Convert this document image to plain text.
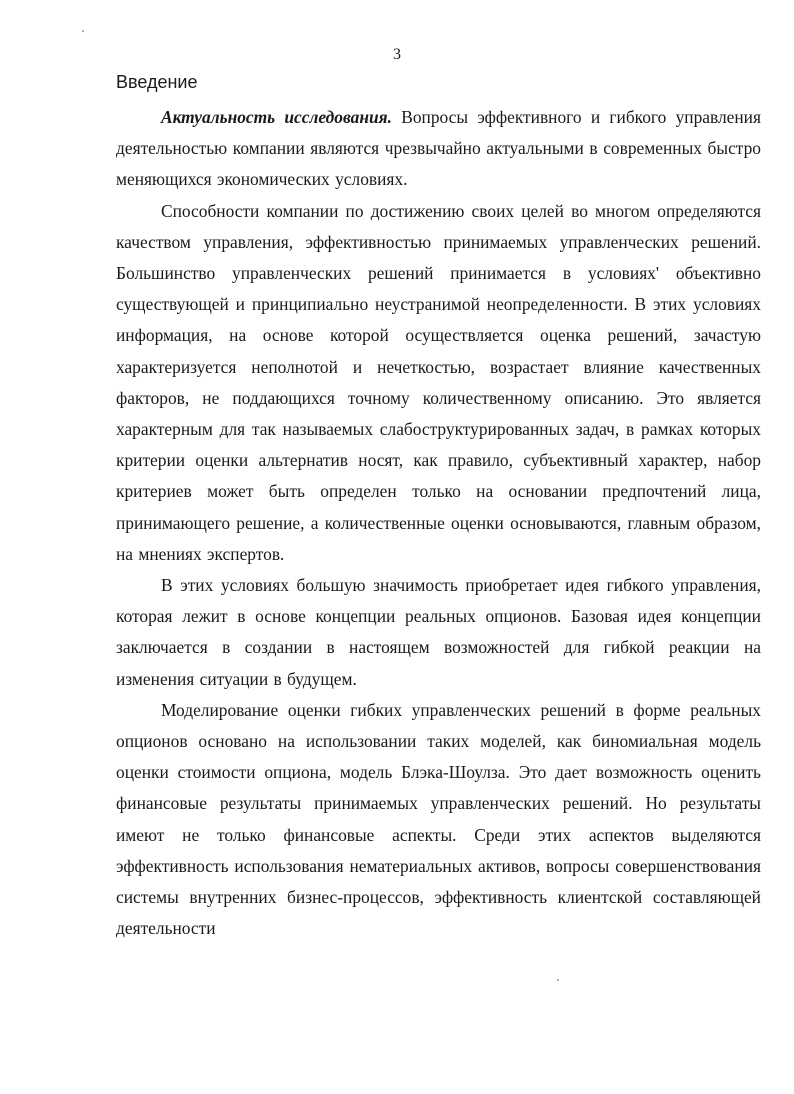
3
Введение

Актуальность исследования. Вопросы эффективного и гибкого управления деятельностью компании являются чрезвычайно актуальными в современных быстро меняющихся экономических условиях.

Способности компании по достижению своих целей во многом определяются качеством управления, эффективностью принимаемых управленческих решений. Большинство управленческих решений принимается в условиях' объективно существующей и принципиально неустранимой неопределенности. В этих условиях информация, на основе которой осуществляется оценка решений, зачастую характеризуется неполнотой и нечеткостью, возрастает влияние качественных факторов, не поддающихся точному количественному описанию. Это является характерным для так называемых слабоструктурированных задач, в рамках которых критерии оценки альтернатив носят, как правило, субъективный характер, набор критериев может быть определен только на основании предпочтений лица, принимающего решение, а количественные оценки основываются, главным образом, на мнениях экспертов.

В этих условиях большую значимость приобретает идея гибкого управления, которая лежит в основе концепции реальных опционов. Базовая идея концепции заключается в создании в настоящем возможностей для гибкой реакции на изменения ситуации в будущем.

Моделирование оценки гибких управленческих решений в форме реальных опционов основано на использовании таких моделей, как биномиальная модель оценки стоимости опциона, модель Блэка-Шоулза. Это дает возможность оценить финансовые результаты принимаемых управленческих решений. Но результаты имеют не только финансовые аспекты. Среди этих аспектов выделяются эффективность использования нематериальных активов, вопросы совершенствования системы внутренних бизнес-процессов, эффективность клиентской составляющей деятельности
